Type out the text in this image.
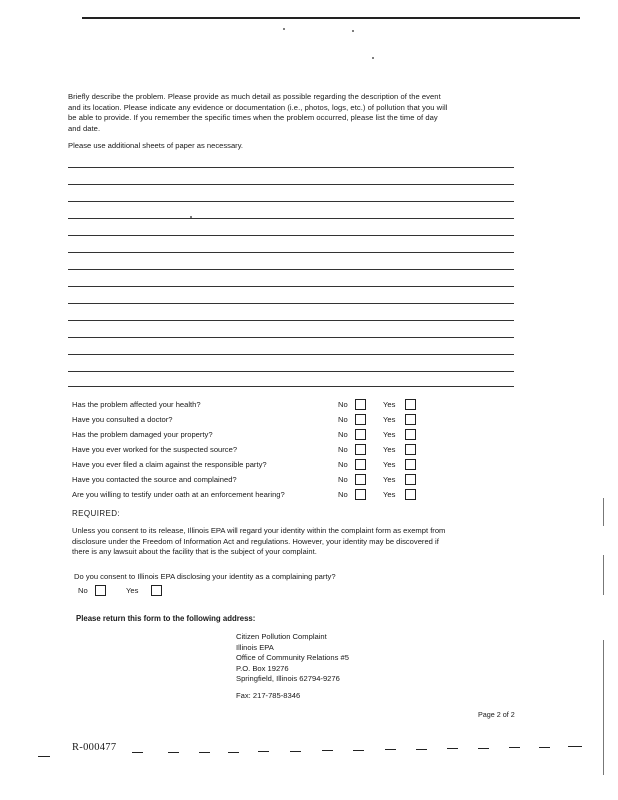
Briefly describe the problem. Please provide as much detail as possible regarding the description of the event

and its location. Please indicate any evidence or documentation (i.e., photos, logs, etc.) of pollution that you will

be able to provide. If you remember the specific times when the problem occurred, please list the time of day

and date.

Please use additional sheets of paper as necessary.
Has the problem affected your health?	No	Yes
Have you consulted a doctor?	No	Yes
Has the problem damaged your property?	No	Yes
Have you ever worked for the suspected source?	No	Yes
Have you ever filed a claim against the responsible party?	No	Yes
Have you contacted the source and complained?	No	Yes
Are you willing to testify under oath at an enforcement hearing?	No	Yes
REQUIRED:

Unless you consent to its release, Illinois EPA will regard your identity within the complaint form as exempt from

disclosure under the Freedom of Information Act and regulations. However, your identity may be discovered if

there is any lawsuit about the facility that is the subject of your complaint.

Do you consent to Illinois EPA disclosing your identity as a complaining party?
No	Yes
Please return this form to the following address:
Citizen Pollution Complaint
Illinois EPA
Office of Community Relations #5
P.O. Box 19276
Springfield, Illinois 62794-9276
Fax: 217-785-8346
Page 2 of 2
R-000477
